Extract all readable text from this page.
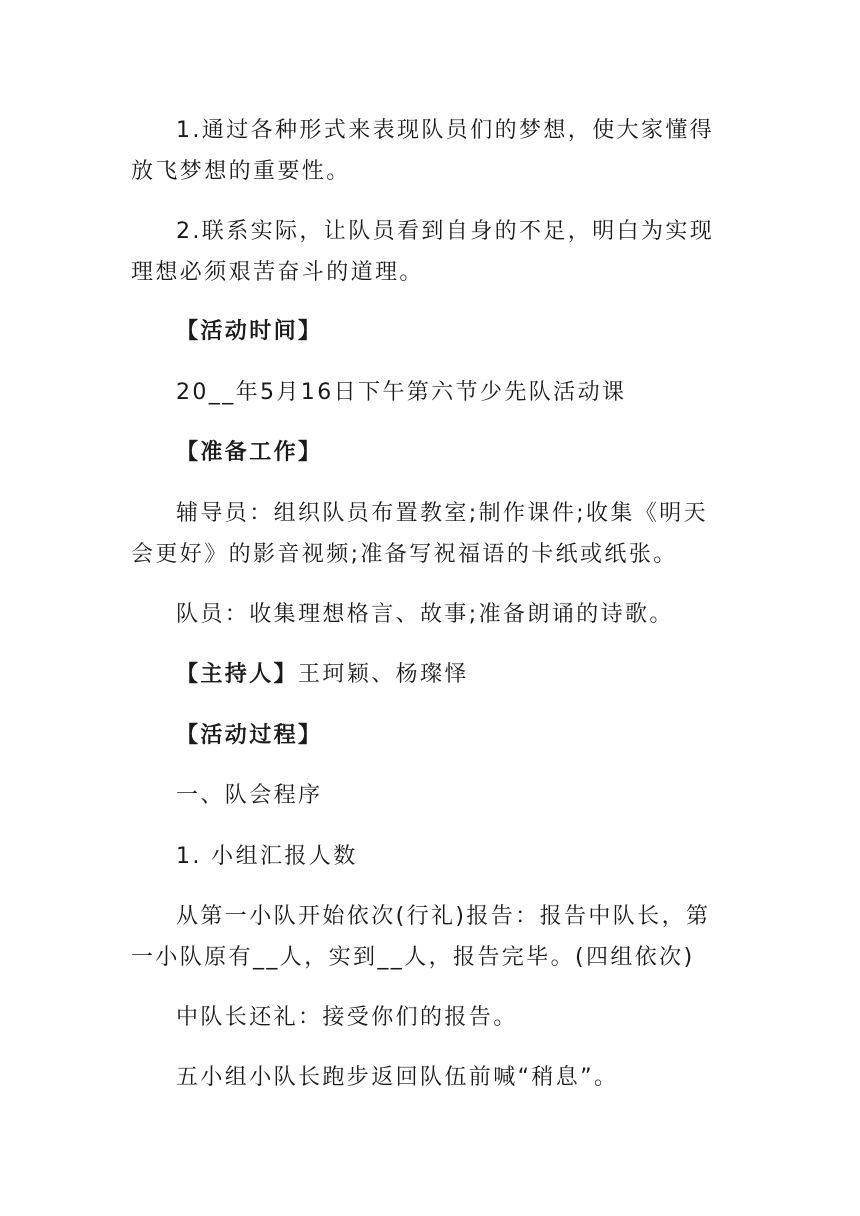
1.通过各种形式来表现队员们的梦想，使大家懂得放飞梦想的重要性。

2.联系实际，让队员看到自身的不足，明白为实现理想必须艰苦奋斗的道理。

【活动时间】

20__年5月16日下午第六节少先队活动课

【准备工作】

辅导员：组织队员布置教室;制作课件;收集《明天会更好》的影音视频;准备写祝福语的卡纸或纸张。

队员：收集理想格言、故事;准备朗诵的诗歌。

【主持人】王珂颖、杨璨怿

【活动过程】

一、队会程序

1. 小组汇报人数

从第一小队开始依次(行礼)报告：报告中队长，第一小队原有__人，实到__人，报告完毕。(四组依次)

中队长还礼：接受你们的报告。

五小组小队长跑步返回队伍前喊“稍息”。
